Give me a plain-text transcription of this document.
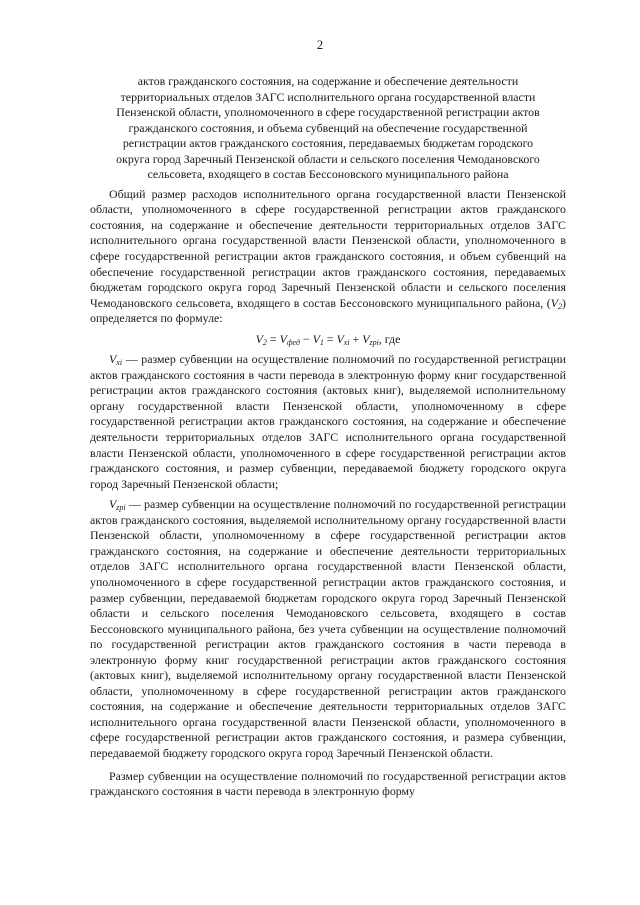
2
актов гражданского состояния, на содержание и обеспечение деятельности
территориальных отделов ЗАГС исполнительного органа государственной власти
Пензенской области, уполномоченного в сфере государственной регистрации актов
гражданского состояния, и объема субвенций на обеспечение государственной
регистрации актов гражданского состояния, передаваемых бюджетам городского
округа город Заречный Пензенской области и сельского поселения Чемодановского
сельсовета, входящего в состав Бессоновского муниципального района

Общий размер расходов исполнительного органа государственной власти Пензенской области, уполномоченного в сфере государственной регистрации актов гражданского состояния, на содержание и обеспечение деятельности территориальных отделов ЗАГС исполнительного органа государственной власти Пензенской области, уполномоченного в сфере государственной регистрации актов гражданского состояния, и объем субвенций на обеспечение государственной регистрации актов гражданского состояния, передаваемых бюджетам городского округа город Заречный Пензенской области и сельского поселения Чемодановского сельсовета, входящего в состав Бессоновского муниципального района, $(V_2)$ определяется по формуле:

$V_2 = V_{фед} - V_1 = V_{хi} + V_{zpi}$, где

$V_{хi}$ — размер субвенции на осуществление полномочий по государственной регистрации актов гражданского состояния в части перевода в электронную форму книг государственной регистрации актов гражданского состояния (актовых книг), выделяемой исполнительному органу государственной власти Пензенской области, уполномоченному в сфере государственной регистрации актов гражданского состояния, на содержание и обеспечение деятельности территориальных отделов ЗАГС исполнительного органа государственной власти Пензенской области, уполномоченного в сфере государственной регистрации актов гражданского состояния, и размер субвенции, передаваемой бюджету городского округа город Заречный Пензенской области;

$V_{zpi}$ — размер субвенции на осуществление полномочий по государственной регистрации актов гражданского состояния, выделяемой исполнительному органу государственной власти Пензенской области, уполномоченному в сфере государственной регистрации актов гражданского состояния, на содержание и обеспечение деятельности территориальных отделов ЗАГС исполнительного органа государственной власти Пензенской области, уполномоченного в сфере государственной регистрации актов гражданского состояния, и размер субвенции, передаваемой бюджетам городского округа город Заречный Пензенской области и сельского поселения Чемодановского сельсовета, входящего в состав Бессоновского муниципального района, без учета субвенции на осуществление полномочий по государственной регистрации актов гражданского состояния в части перевода в электронную форму книг государственной регистрации актов гражданского состояния (актовых книг), выделяемой исполнительному органу государственной власти Пензенской области, уполномоченному в сфере государственной регистрации актов гражданского состояния, на содержание и обеспечение деятельности территориальных отделов ЗАГС исполнительного органа государственной власти Пензенской области, уполномоченного в сфере государственной регистрации актов гражданского состояния, и размера субвенции, передаваемой бюджету городского округа город Заречный Пензенской области.

Размер субвенции на осуществление полномочий по государственной регистрации актов гражданского состояния в части перевода в электронную форму
